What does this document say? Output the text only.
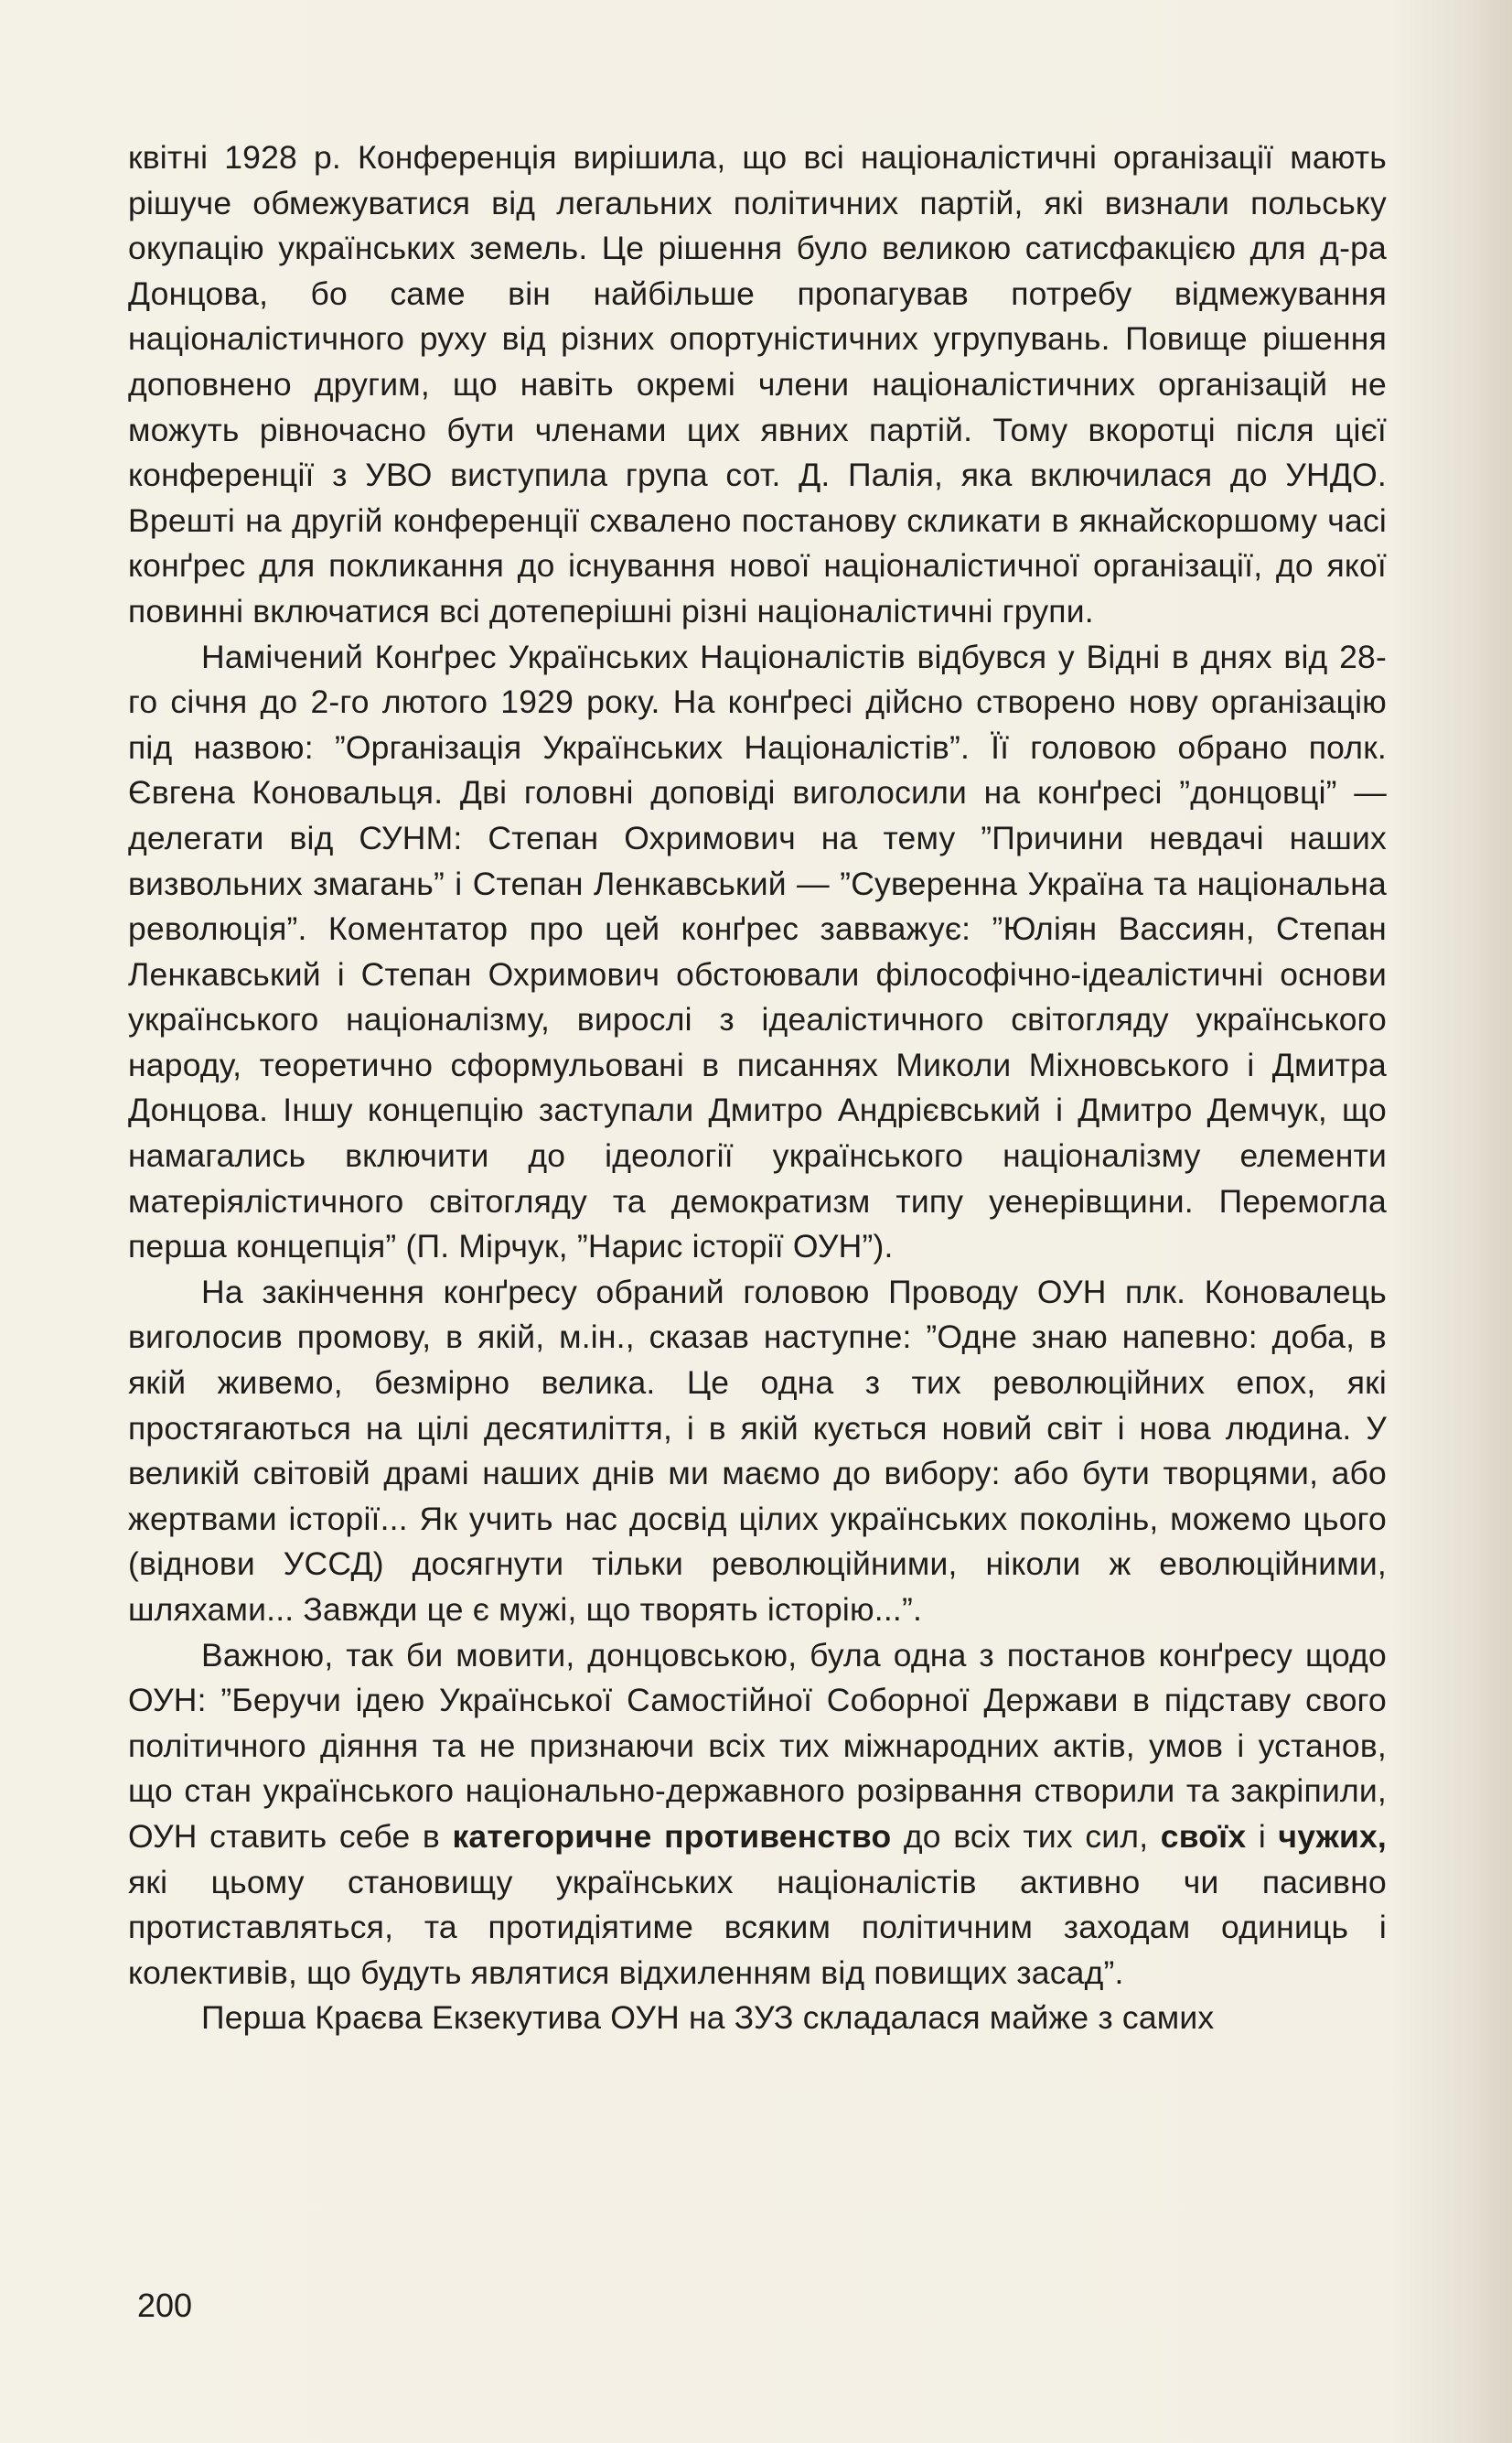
квітні 1928 р. Конференція вирішила, що всі націоналістичні організації мають рішуче обмежуватися від легальних політичних партій, які визнали польську окупацію українських земель. Це рішення було великою сатисфакцією для д-ра Донцова, бо саме він найбільше пропагував потребу відмежування націоналістичного руху від різних опортуністичних угрупувань. Повище рішення доповнено другим, що навіть окремі члени націоналістичних організацій не можуть рівночасно бути членами цих явних партій. Тому вкоротці після цієї конференції з УВО виступила група сот. Д. Палія, яка включилася до УНДО. Врешті на другій конференції схвалено постанову скликати в якнайскоршому часі конґрес для покликання до існування нової націоналістичної організації, до якої повинні включатися всі дотеперішні різні націоналістичні групи.

Намічений Конґрес Українських Націоналістів відбувся у Відні в днях від 28-го січня до 2-го лютого 1929 року. На конґресі дійсно створено нову організацію під назвою: ”Організація Українських Націоналістів”. Її головою обрано полк. Євгена Коновальця. Дві головні доповіді виголосили на конґресі ”донцовці” — делегати від СУНМ: Степан Охримович на тему ”Причини невдачі наших визвольних змагань” і Степан Ленкавський — ”Суверенна Україна та національна революція”. Коментатор про цей конґрес завважує: ”Юліян Вассиян, Степан Ленкавський і Степан Охримович обстоювали філософічно-ідеалістичні основи українського націоналізму, вирослі з ідеалістичного світогляду українського народу, теоретично сформульовані в писаннях Миколи Міхновського і Дмитра Донцова. Іншу концепцію заступали Дмитро Андрієвський і Дмитро Демчук, що намагались включити до ідеології українського націоналізму елементи матеріялістичного світогляду та демократизм типу уенерівщини. Перемогла перша концепція” (П. Мірчук, ”Нарис історії ОУН”).

На закінчення конґресу обраний головою Проводу ОУН плк. Коновалець виголосив промову, в якій, м.ін., сказав наступне: ”Одне знаю напевно: доба, в якій живемо, безмірно велика. Це одна з тих революційних епох, які простягаються на цілі десятиліття, і в якій кується новий світ і нова людина. У великій світовій драмі наших днів ми маємо до вибору: або бути творцями, або жертвами історії... Як учить нас досвід цілих українських поколінь, можемо цього (віднови УССД) досягнути тільки революційними, ніколи ж еволюційними, шляхами... Завжди це є мужі, що творять історію...”.

Важною, так би мовити, донцовською, була одна з постанов конґресу щодо ОУН: ”Беручи ідею Української Самостійної Соборної Держави в підставу свого політичного діяння та не признаючи всіх тих міжнародних актів, умов і установ, що стан українського національно-державного розірвання створили та закріпили, ОУН ставить себе в категоричне противенство до всіх тих сил, своїх і чужих, які цьому становищу українських націоналістів активно чи пасивно протиставляться, та протидіятиме всяким політичним заходам одиниць і колективів, що будуть являтися відхиленням від повищих засад”.

Перша Краєва Екзекутива ОУН на ЗУЗ складалася майже з самих

200
